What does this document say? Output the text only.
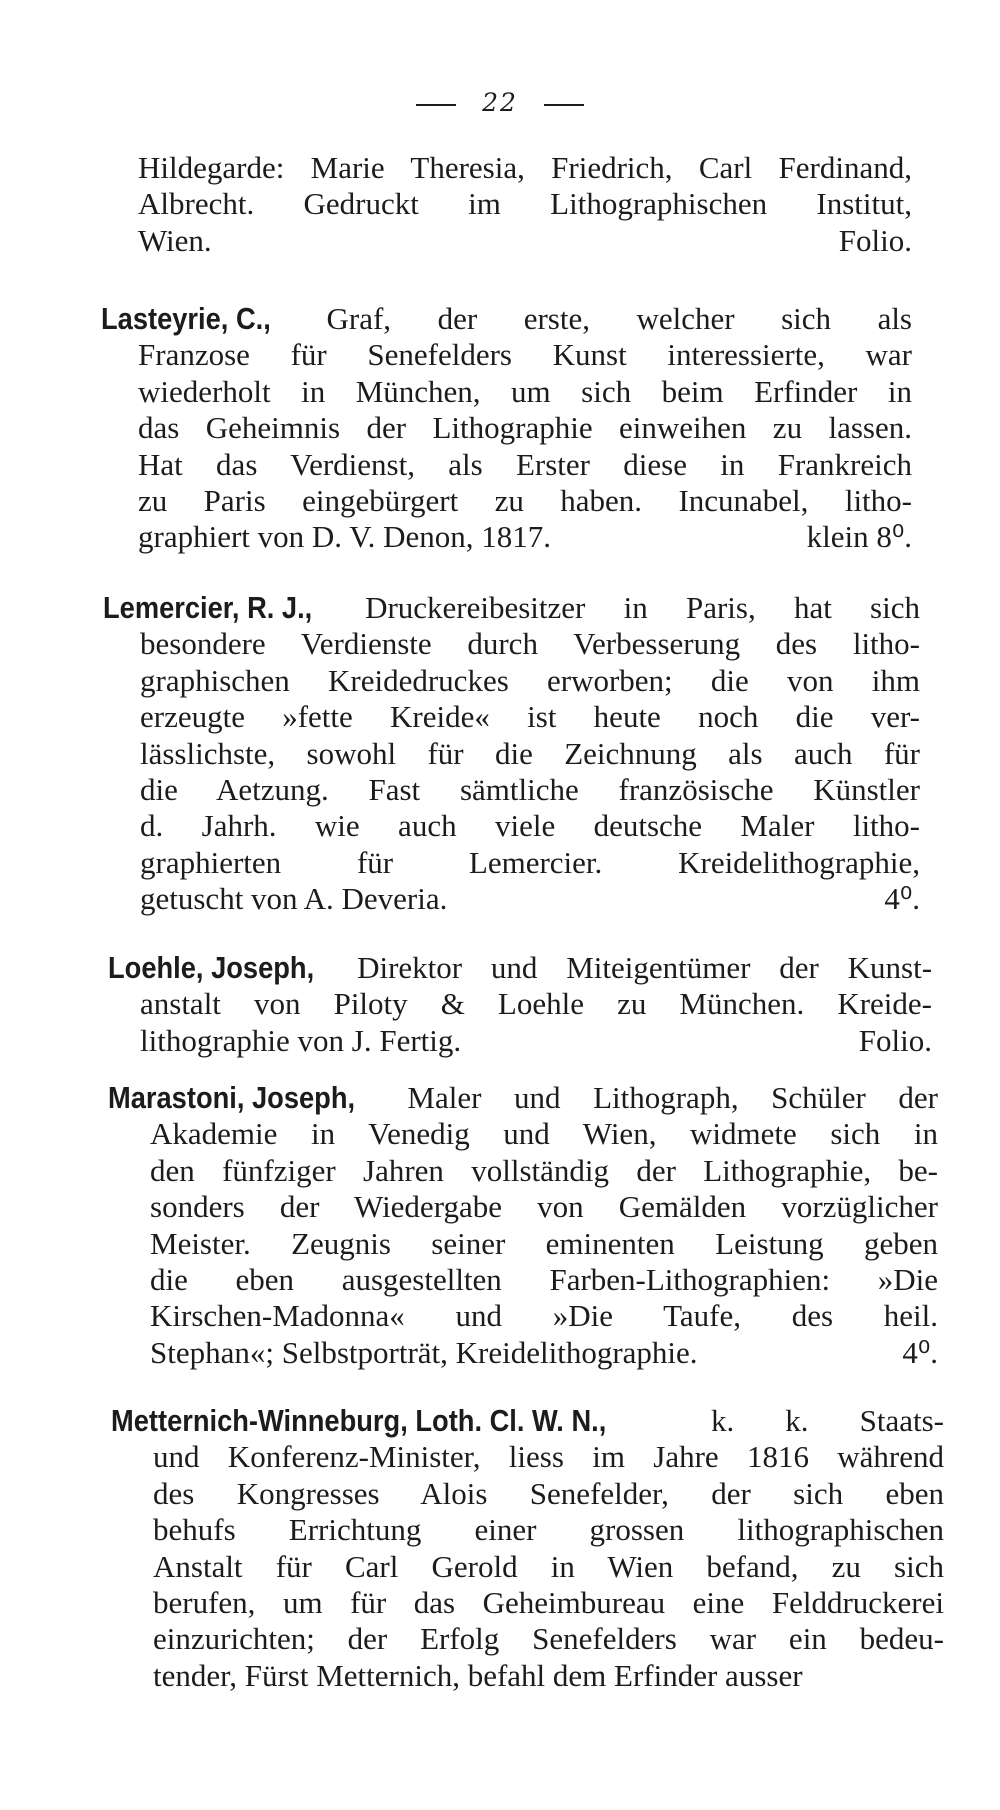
22
Hildegarde: Marie Theresia, Friedrich, Carl Ferdinand,
Albrecht. Gedruckt im Lithographischen Institut,
Folio.
Wien.
Lasteyrie, C., Graf, der erste, welcher sich als
Franzose für Senefelders Kunst interessierte, war
wiederholt in München, um sich beim Erfinder in
das Geheimnis der Lithographie einweihen zu lassen.
Hat das Verdienst, als Erster diese in Frankreich
zu Paris eingebürgert zu haben. Incunabel, litho-
klein 8⁰.
graphiert von D. V. Denon, 1817.
Lemercier, R. J., Druckereibesitzer in Paris, hat sich
besondere Verdienste durch Verbesserung des litho-
graphischen Kreidedruckes erworben; die von ihm
erzeugte »fette Kreide« ist heute noch die ver-
lässlichste, sowohl für die Zeichnung als auch für
die Aetzung. Fast sämtliche französische Künstler
d. Jahrh. wie auch viele deutsche Maler litho-
graphierten für Lemercier. Kreidelithographie,
4⁰.
getuscht von A. Deveria.
Loehle, Joseph, Direktor und Miteigentümer der Kunst-
anstalt von Piloty & Loehle zu München. Kreide-
Folio.
lithographie von J. Fertig.
Marastoni, Joseph, Maler und Lithograph, Schüler der
Akademie in Venedig und Wien, widmete sich in
den fünfziger Jahren vollständig der Lithographie, be-
sonders der Wiedergabe von Gemälden vorzüglicher
Meister. Zeugnis seiner eminenten Leistung geben
die eben ausgestellten Farben-Lithographien: »Die
Kirschen-Madonna« und »Die Taufe, des heil.
4⁰.
Stephan«; Selbstporträt, Kreidelithographie.
Metternich-Winneburg, Loth. Cl. W. N.,	k. k. Staats-
und Konferenz-Minister, liess im Jahre 1816 während
des Kongresses Alois Senefelder, der sich eben
behufs Errichtung einer grossen lithographischen
Anstalt für Carl Gerold in Wien befand, zu sich
berufen, um für das Geheimbureau eine Felddruckerei
einzurichten; der Erfolg Senefelders war ein bedeu-
tender, Fürst Metternich, befahl dem Erfinder ausser
